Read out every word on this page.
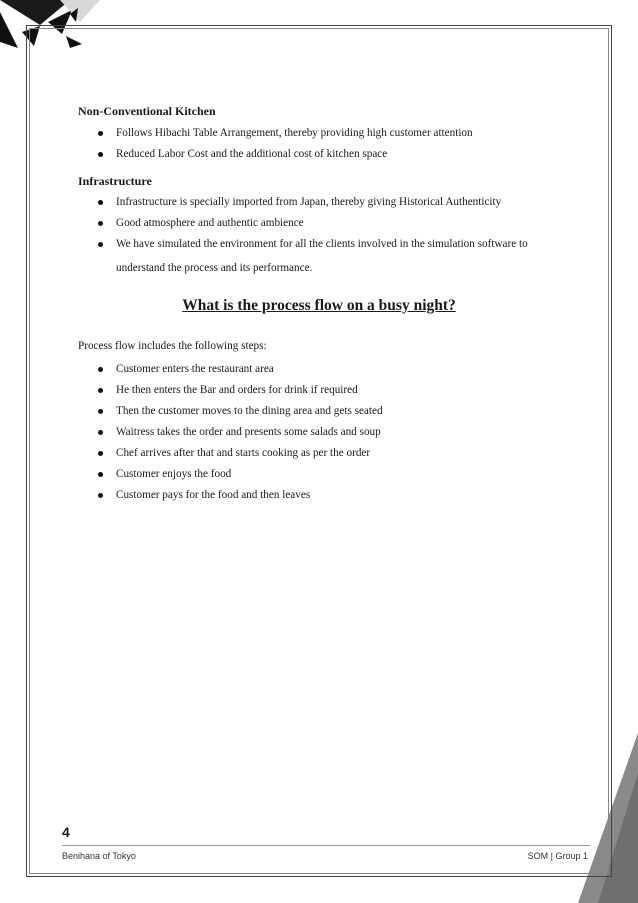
Non-Conventional Kitchen
Follows Hibachi Table Arrangement, thereby providing high customer attention
Reduced Labor Cost and the additional cost of kitchen space
Infrastructure
Infrastructure is specially imported from Japan, thereby giving Historical Authenticity
Good atmosphere and authentic ambience
We have simulated the environment for all the clients involved in the simulation software to understand the process and its performance.
What is the process flow on a busy night?
Process flow includes the following steps:
Customer enters the restaurant area
He then enters the Bar and orders for drink if required
Then the customer moves to the dining area and gets seated
Waitress takes the order and presents some salads and soup
Chef arrives after that and starts cooking as per the order
Customer enjoys the food
Customer pays for the food and then leaves
4
Benihana of Tokyo	SOM | Group 1
